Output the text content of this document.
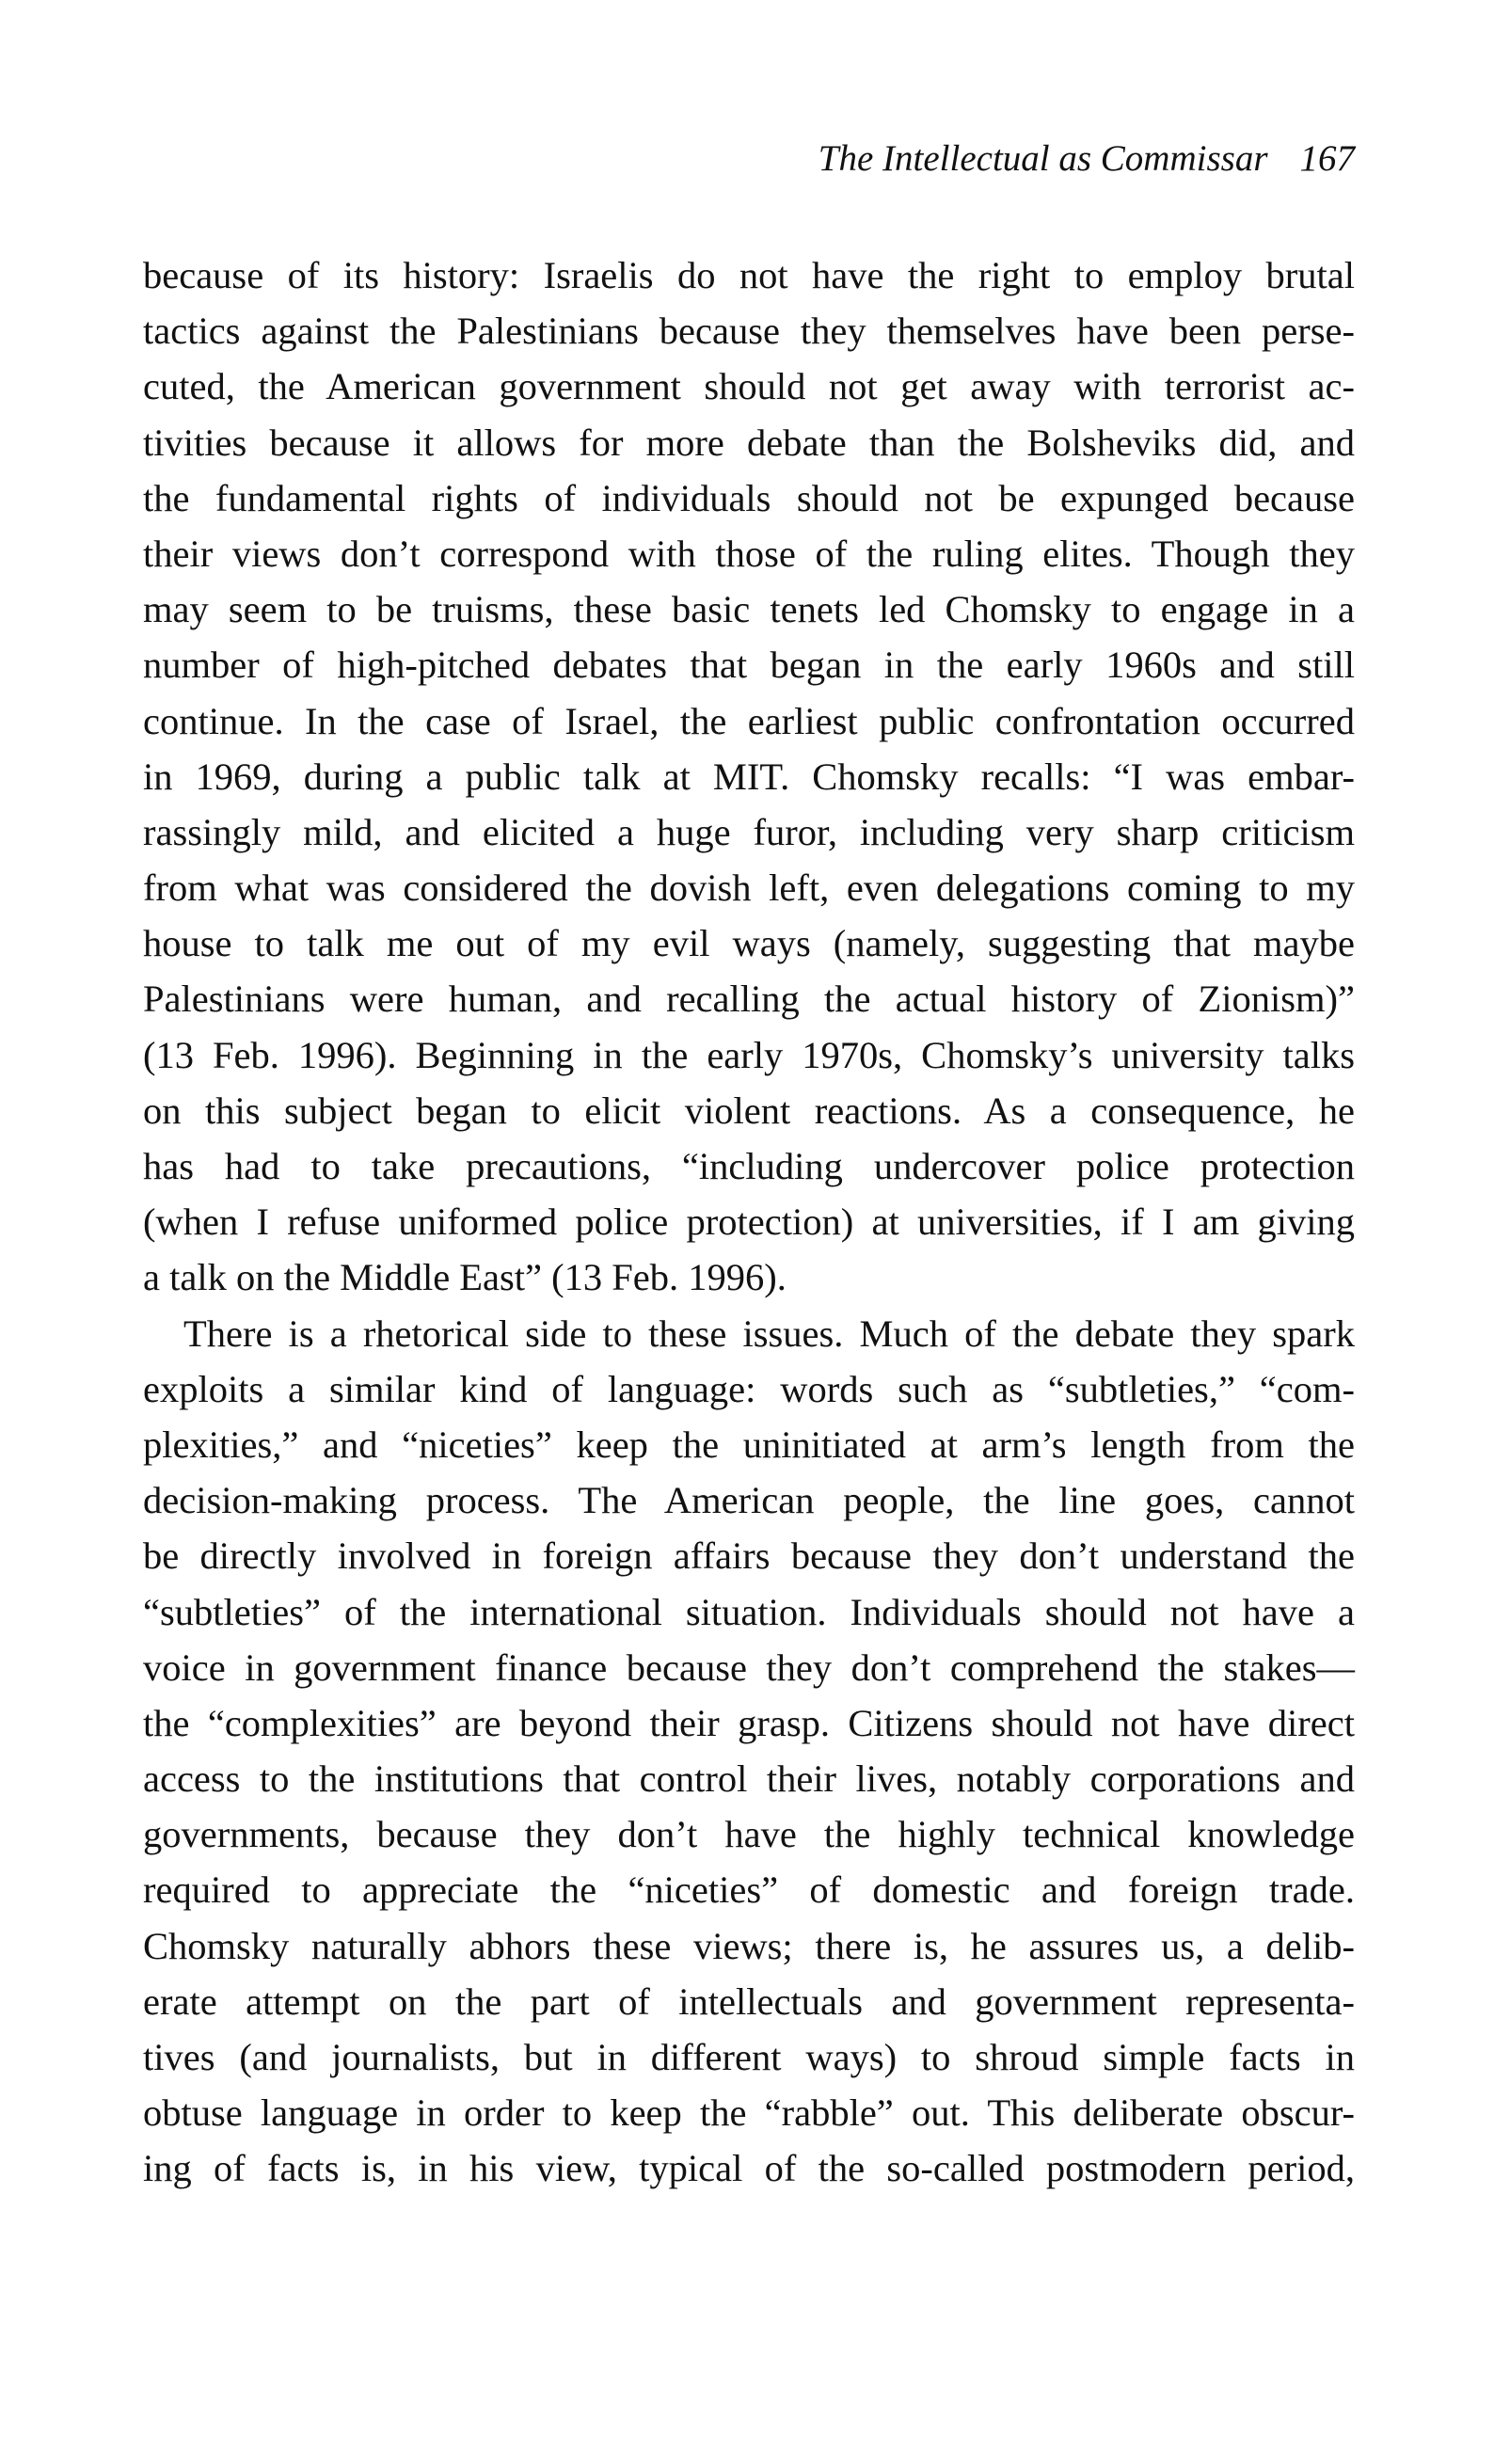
The Intellectual as Commissar 167
because of its history: Israelis do not have the right to employ brutal
tactics against the Palestinians because they themselves have been perse-
cuted, the American government should not get away with terrorist ac-
tivities because it allows for more debate than the Bolsheviks did, and
the fundamental rights of individuals should not be expunged because
their views don’t correspond with those of the ruling elites. Though they
may seem to be truisms, these basic tenets led Chomsky to engage in a
number of high-pitched debates that began in the early 1960s and still
continue. In the case of Israel, the earliest public confrontation occurred
in 1969, during a public talk at MIT. Chomsky recalls: “I was embar-
rassingly mild, and elicited a huge furor, including very sharp criticism
from what was considered the dovish left, even delegations coming to my
house to talk me out of my evil ways (namely, suggesting that maybe
Palestinians were human, and recalling the actual history of Zionism)”
(13 Feb. 1996). Beginning in the early 1970s, Chomsky’s university talks
on this subject began to elicit violent reactions. As a consequence, he
has had to take precautions, “including undercover police protection
(when I refuse uniformed police protection) at universities, if I am giving
a talk on the Middle East” (13 Feb. 1996).
There is a rhetorical side to these issues. Much of the debate they spark
exploits a similar kind of language: words such as “subtleties,” “com-
plexities,” and “niceties” keep the uninitiated at arm’s length from the
decision-making process. The American people, the line goes, cannot
be directly involved in foreign affairs because they don’t understand the
“subtleties” of the international situation. Individuals should not have a
voice in government finance because they don’t comprehend the stakes—
the “complexities” are beyond their grasp. Citizens should not have direct
access to the institutions that control their lives, notably corporations and
governments, because they don’t have the highly technical knowledge
required to appreciate the “niceties” of domestic and foreign trade.
Chomsky naturally abhors these views; there is, he assures us, a delib-
erate attempt on the part of intellectuals and government representa-
tives (and journalists, but in different ways) to shroud simple facts in
obtuse language in order to keep the “rabble” out. This deliberate obscur-
ing of facts is, in his view, typical of the so-called postmodern period,
